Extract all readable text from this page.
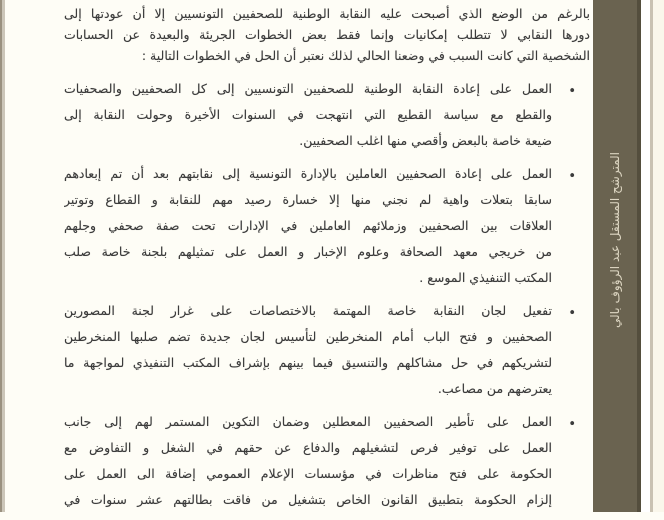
بالرغم من الوضع الذي أصبحت عليه النقابة الوطنية للصحفيين التونسيين إلا أن عودتها إلى
دورها النقابي لا تتطلب إمكانيات وإنما فقط بعض الخطوات الجريئة والبعيدة عن الحسابات
الشخصية التي كانت السبب في وضعنا الحالي لذلك نعتبر أن الحل في الخطوات التالية :
•
العمل على إعادة النقابة الوطنية للصحفيين التونسيين إلى كل الصحفيين والصحفيات
والقطع مع سياسة القطيع التي انتهجت في السنوات الأخيرة وحولت النقابة إلى
ضيعة خاصة بالبعض وأقصي منها اغلب الصحفيين.
•
العمل على إعادة الصحفيين العاملين بالإدارة التونسية إلى نقابتهم بعد أن تم إبعادهم
سابقا بتعلات واهية لم نجني منها إلا خسارة رصيد مهم للنقابة و القطاع وتوتير
العلاقات بين الصحفيين وزملائهم العاملين في الإدارات تحت صفة صحفي وجلهم
من خريجي معهد الصحافة وعلوم الإخبار و العمل على تمثيلهم بلجنة خاصة صلب
المكتب التنفيذي الموسع .
•
تفعيل لجان النقابة خاصة المهتمة بالاختصاصات على غرار لجنة المصورين
الصحفيين و فتح الباب أمام المنخرطين لتأسيس لجان جديدة تضم صلبها المنخرطين
لتشريكهم في حل مشاكلهم والتنسيق فيما بينهم بإشراف المكتب التنفيذي لمواجهة ما
يعترضهم من مصاعب.
•
العمل على تأطير الصحفيين المعطلين وضمان التكوين المستمر لهم إلى جانب
العمل على توفير فرص لتشغيلهم والدفاع عن حقهم في الشغل و التفاوض مع
الحكومة على فتح مناظرات في مؤسسات الإعلام العمومي إضافة الى العمل على
إلزام الحكومة بتطبيق القانون الخاص بتشغيل من فاقت بطالتهم عشر سنوات في
المترشح المستقل عبد الرؤوف بالي
